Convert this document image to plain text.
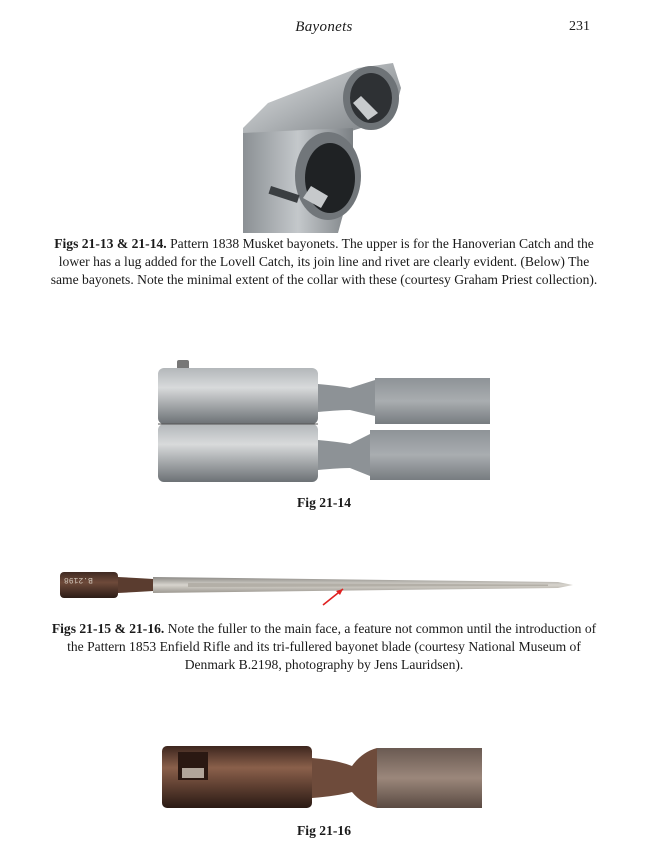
Bayonets	231
Figs 21-13 & 21-14. Pattern 1838 Musket bayonets. The upper is for the Hanoverian Catch and the lower has a lug added for the Lovell Catch, its join line and rivet are clearly evident. (Below) The same bayonets. Note the minimal extent of the collar with these (courtesy Graham Priest collection).
Fig 21-14
B.2198
Figs 21-15 & 21-16. Note the fuller to the main face, a feature not common until the introduction of the Pattern 1853 Enfield Rifle and its tri-fullered bayonet blade (courtesy National Museum of Denmark B.2198, photography by Jens Lauridsen).
Fig 21-16
